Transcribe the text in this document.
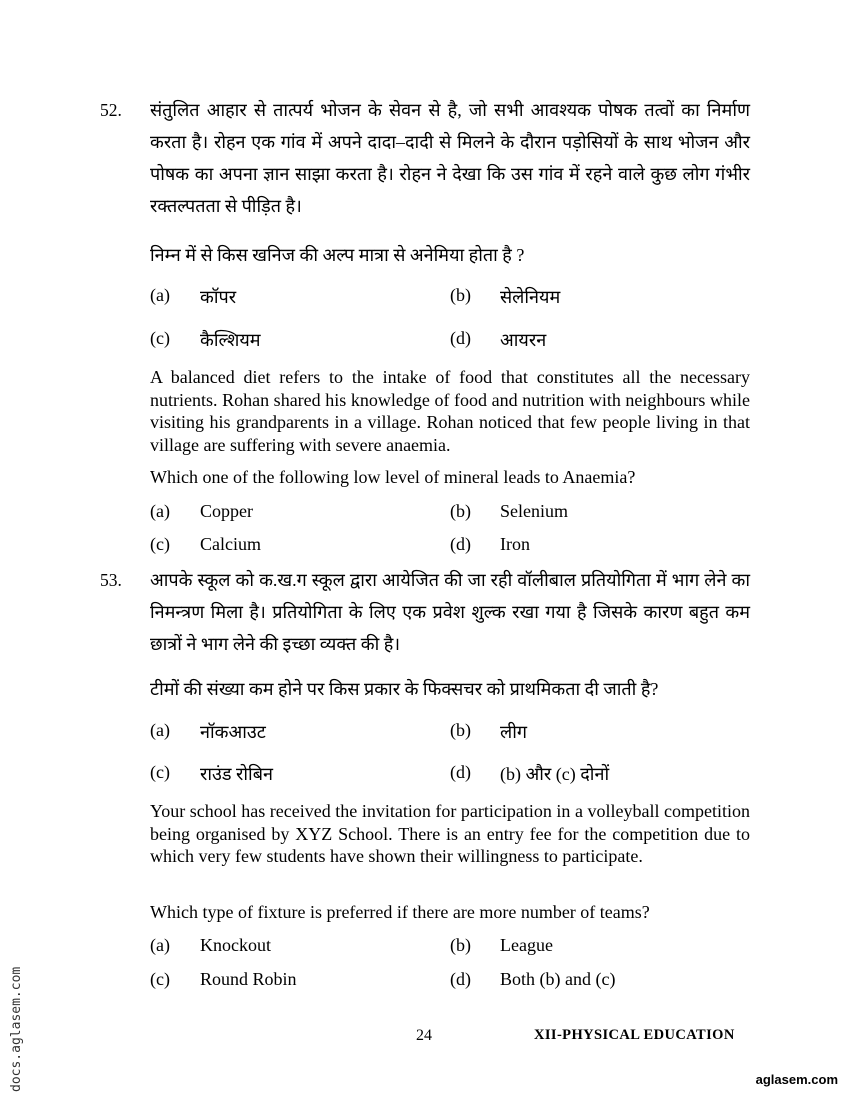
52. संतुलित आहार से तात्पर्य भोजन के सेवन से है, जो सभी आवश्यक पोषक तत्वों का निर्माण करता है। रोहन एक गांव में अपने दादा–दादी से मिलने के दौरान पड़ोसियों के साथ भोजन और पोषक का अपना ज्ञान साझा करता है। रोहन ने देखा कि उस गांव में रहने वाले कुछ लोग गंभीर रक्तल्पतता से पीड़ित है।

निम्न में से किस खनिज की अल्प मात्रा से अनेमिया होता है ?

(a) कॉपर	(b) सेलेनियम
(c) कैल्शियम	(d) आयरन

A balanced diet refers to the intake of food that constitutes all the necessary nutrients. Rohan shared his knowledge of food and nutrition with neighbours while visiting his grandparents in a village. Rohan noticed that few people living in that village are suffering with severe anaemia.

Which one of the following low level of mineral leads to Anaemia?

(a) Copper	(b) Selenium
(c) Calcium	(d) Iron
53. आपके स्कूल को क.ख.ग स्कूल द्वारा आयेजित की जा रही वॉलीबाल प्रतियोगिता में भाग लेने का निमन्त्रण मिला है। प्रतियोगिता के लिए एक प्रवेश शुल्क रखा गया है जिसके कारण बहुत कम छात्रों ने भाग लेने की इच्छा व्यक्त की है।

टीमों की संख्या कम होने पर किस प्रकार के फिक्सचर को प्राथमिकता दी जाती है?

(a) नॉकआउट	(b) लीग
(c) राउंड रोबिन	(d) (b) और (c) दोनों

Your school has received the invitation for participation in a volleyball competition being organised by XYZ School. There is an entry fee for the competition due to which very few students have shown their willingness to participate.

Which type of fixture is preferred if there are more number of teams?

(a) Knockout	(b) League
(c) Round Robin	(d) Both (b) and (c)
24	XII-PHYSICAL EDUCATION
docs.aglasem.com	aglasem.com
